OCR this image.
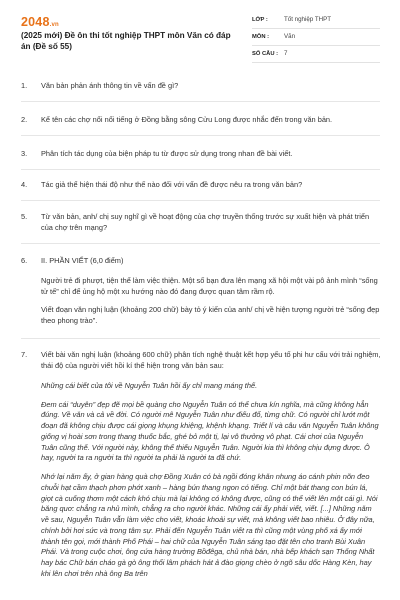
2048.vn
(2025 mới) Đề ôn thi tốt nghiệp THPT môn Văn có đáp án (Đề số 55)
LỚP :	Tốt nghiệp THPT
MÔN :	Văn
SỐ CÂU : 7
1.	Văn bản phản ánh thông tin về vấn đề gì?
2.	Kể tên các chợ nổi nổi tiếng ở Đồng bằng sông Cửu Long được nhắc đến trong văn bản.
3.	Phân tích tác dụng của biện pháp tu từ được sử dụng trong nhan đề bài viết.
4.	Tác giả thể hiện thái độ như thế nào đối với vấn đề được nêu ra trong văn bản?
5.	Từ văn bản, anh/ chị suy nghĩ gì về hoạt động của chợ truyền thống trước sự xuất hiện và phát triển của chợ trên mạng?
6.	II. PHẦN VIẾT (6,0 điểm)

Người trẻ đi phượt, tiện thể làm việc thiện. Một số bạn đưa lên mạng xã hội một vài pô ảnh mình “sống tử tế” chỉ để ủng hộ một xu hướng nào đó đang được quan tâm rầm rộ.

Viết đoạn văn nghị luận (khoảng 200 chữ) bày tỏ ý kiến của anh/ chị về hiện tượng người trẻ “sống đẹp theo phong trào”.

7.	Viết bài văn nghị luận (khoảng 600 chữ) phân tích nghệ thuật kết hợp yếu tố phi hư cấu với trải nghiệm, thái độ của người viết hồi kí thể hiện trong văn bản sau:

Những cái biết của tôi về Nguyễn Tuân hồi ấy chỉ mang máng thế.

Đem cái “duyên” đẹp đẽ mọi bề quàng cho Nguyễn Tuân có thể chưa kín nghĩa, mà cũng không hẳn đúng. Về văn và cả về đời. Có người mê Nguyễn Tuân như điếu đổ, từng chữ. Có người chỉ lướt một đoạn đã không chịu được cái giọng khụng khiệng, khệnh khạng. Triết lí và câu văn Nguyễn Tuân không giống vị hoài sơn trong thang thuốc bắc, ghé bỏ một tị, lại vô thưởng vô phạt. Cái chơi của Nguyễn Tuân cũng thế. Với người này, không thể thiếu Nguyễn Tuân. Người kia thì không chịu đựng được. Ô hay, người ta ra người ta thì người ta phải là người ta đã chứ.

Nhớ lại năm ấy, ở gian hàng quà chợ Đồng Xuân có bà ngồi đóng khăn nhung áo cánh phin nõn đeo chuỗi hạt cầm thạch phơn phớt xanh – hàng bún thang ngon có tiếng. Chỉ một bát thang con bún lá, giọt cà cuống thơm một cách khó chịu mà lại không có không được, cũng có thể viết lên một cái gì. Nói băng quơ: chẳng ra nhủ mình, chẳng ra cho người khác. Những cái ấy phải viết, viết. [...] Những năm về sau, Nguyễn Tuân vẫn làm việc cho viết, khoác khoải sự viết, mà không viết bao nhiêu. Ở đây nữa, chính bởi hơi sức và trong tâm sự. Phải đến Nguyễn Tuân viết ra thì cũng một vùng phố xá ấy mới thành tên gọi, mới thành Phố Phái – hai chữ của Nguyễn Tuân sáng tạo đặt tên cho tranh Bùi Xuân Phái. Và trong cuộc chơi, ông cứa hàng trường Bồđêga, chủ nhà bán, nhà bếp khách sạn Thống Nhất hay bác Chữ bán cháo gà gò ông thổi lâm phách hát ả đào giọng chèo ở ngõ sâu dốc Hàng Kèn, hay khi lên chơi trên nhà ông Ba trên
